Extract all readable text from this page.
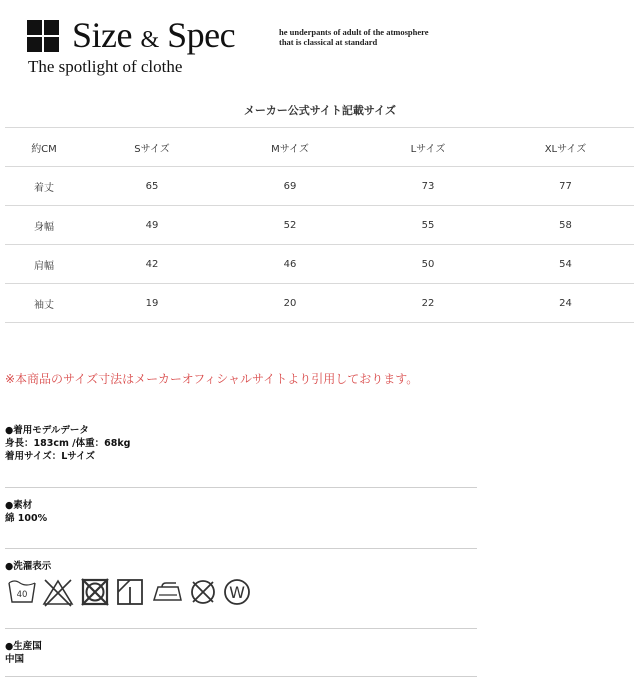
Size & Spec
The spotlight of clothe
he underpants of adult of the atmosphere
that is classical at standard
メーカー公式サイト記載サイズ
約CM	Sサイズ	Mサイズ	Lサイズ	XLサイズ
着丈	65	69	73	77
身幅	49	52	55	58
肩幅	42	46	50	54
袖丈	19	20	22	24
※本商品のサイズ寸法はメーカーオフィシャルサイトより引用しております。
●着用モデルデータ
身長：183cm /体重：68kg
着用サイズ：Lサイズ
●素材
綿 100%
●洗濯表示
40	W
●生産国
中国
